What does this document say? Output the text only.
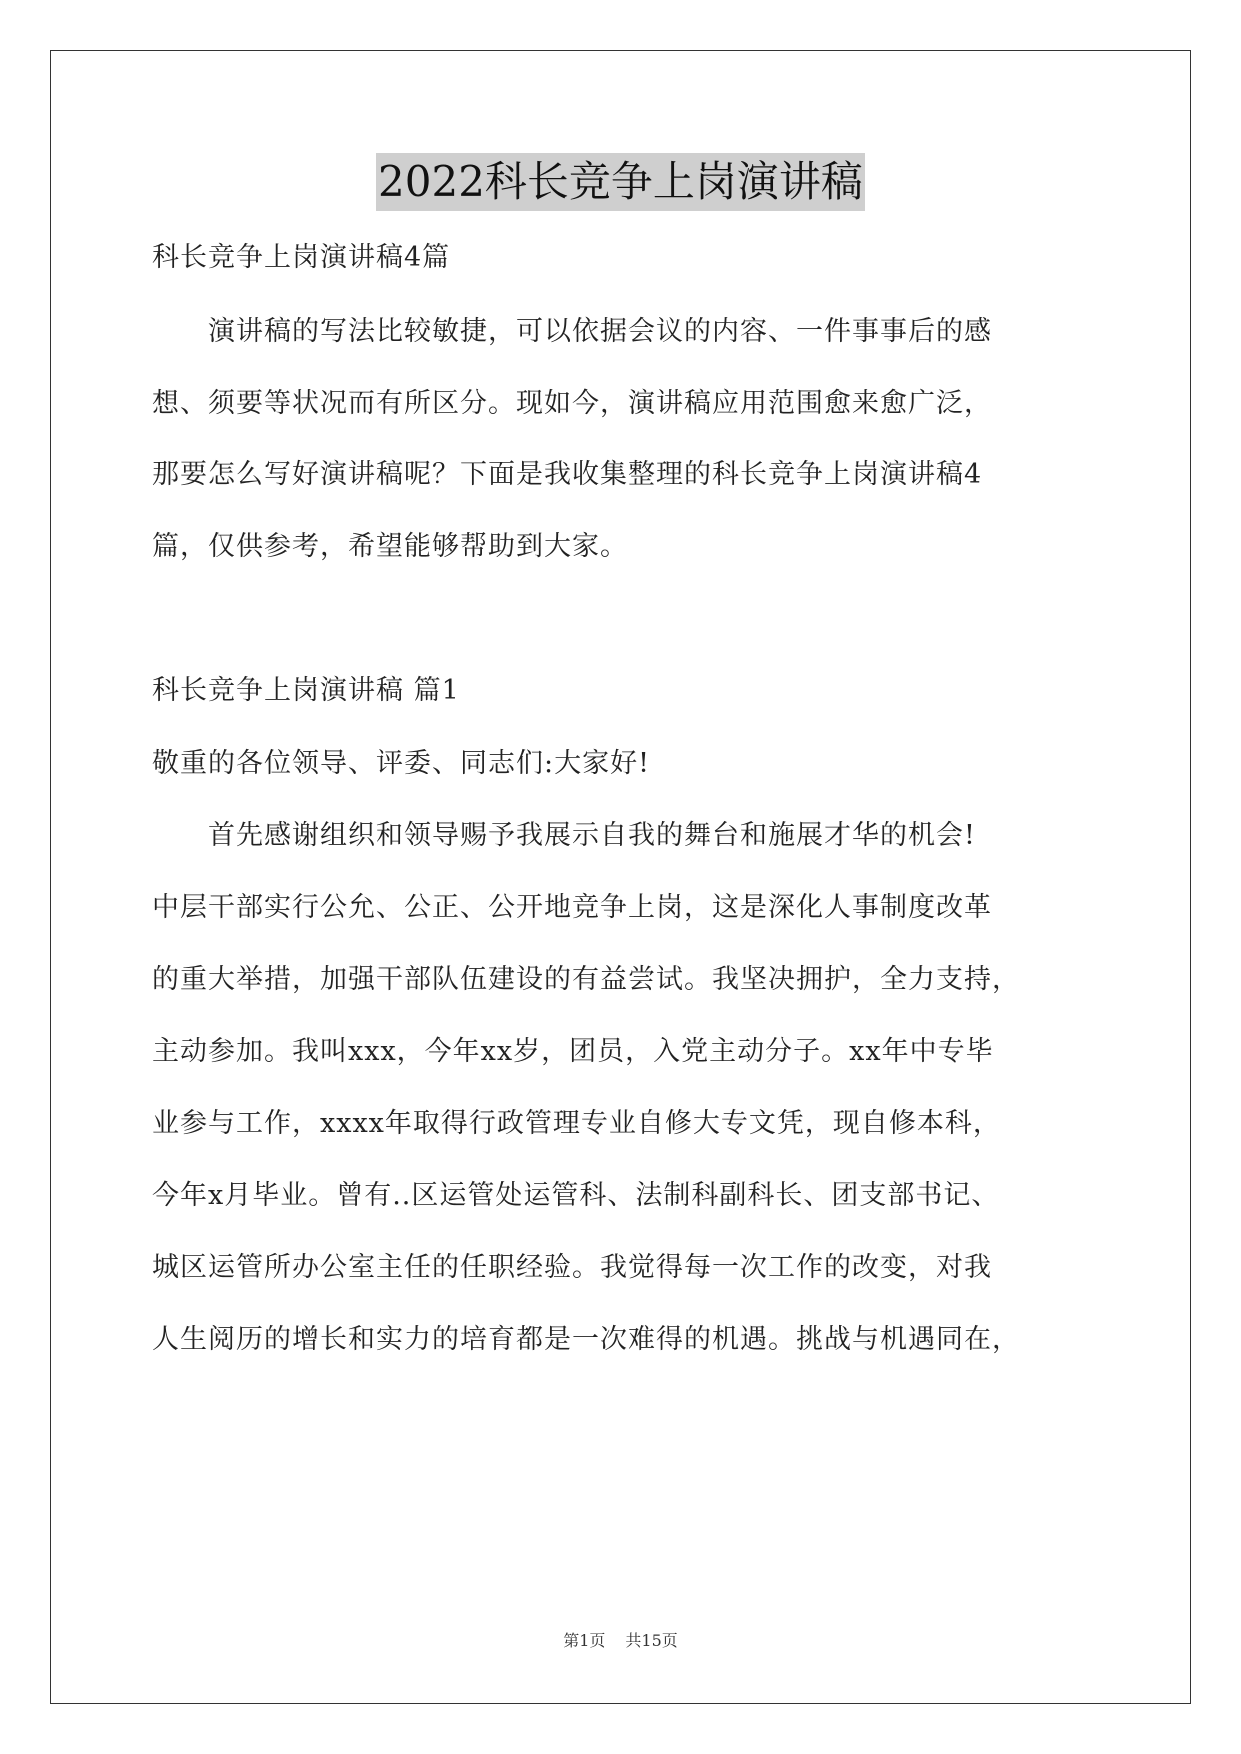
2022科长竞争上岗演讲稿
科长竞争上岗演讲稿4篇
　　演讲稿的写法比较敏捷，可以依据会议的内容、一件事事后的感
想、须要等状况而有所区分。现如今，演讲稿应用范围愈来愈广泛，
那要怎么写好演讲稿呢？下面是我收集整理的科长竞争上岗演讲稿4
篇，仅供参考，希望能够帮助到大家。
科长竞争上岗演讲稿 篇1
敬重的各位领导、评委、同志们:大家好!
　　首先感谢组织和领导赐予我展示自我的舞台和施展才华的机会!
中层干部实行公允、公正、公开地竞争上岗，这是深化人事制度改革
的重大举措，加强干部队伍建设的有益尝试。我坚决拥护，全力支持，
主动参加。我叫xxx，今年xx岁，团员，入党主动分子。xx年中专毕
业参与工作，xxxx年取得行政管理专业自修大专文凭，现自修本科，
今年x月毕业。曾有..区运管处运管科、法制科副科长、团支部书记、
城区运管所办公室主任的任职经验。我觉得每一次工作的改变，对我
人生阅历的增长和实力的培育都是一次难得的机遇。挑战与机遇同在，
第1页 共15页
